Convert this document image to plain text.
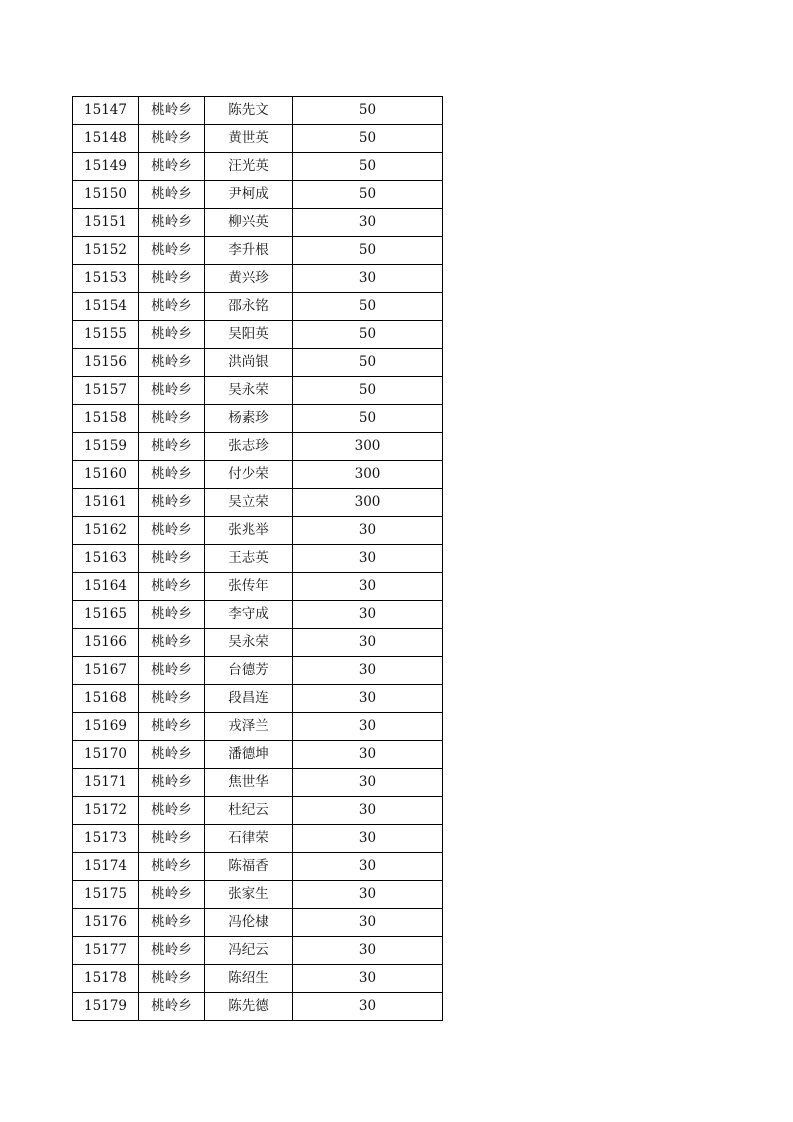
15147	桃岭乡	陈先文	50
15148	桃岭乡	黄世英	50
15149	桃岭乡	汪光英	50
15150	桃岭乡	尹柯成	50
15151	桃岭乡	柳兴英	30
15152	桃岭乡	李升根	50
15153	桃岭乡	黄兴珍	30
15154	桃岭乡	邵永铭	50
15155	桃岭乡	吴阳英	50
15156	桃岭乡	洪尚银	50
15157	桃岭乡	吴永荣	50
15158	桃岭乡	杨素珍	50
15159	桃岭乡	张志珍	300
15160	桃岭乡	付少荣	300
15161	桃岭乡	吴立荣	300
15162	桃岭乡	张兆举	30
15163	桃岭乡	王志英	30
15164	桃岭乡	张传年	30
15165	桃岭乡	李守成	30
15166	桃岭乡	吴永荣	30
15167	桃岭乡	台德芳	30
15168	桃岭乡	段昌连	30
15169	桃岭乡	戎泽兰	30
15170	桃岭乡	潘德坤	30
15171	桃岭乡	焦世华	30
15172	桃岭乡	杜纪云	30
15173	桃岭乡	石律荣	30
15174	桃岭乡	陈福香	30
15175	桃岭乡	张家生	30
15176	桃岭乡	冯伦棣	30
15177	桃岭乡	冯纪云	30
15178	桃岭乡	陈绍生	30
15179	桃岭乡	陈先德	30
